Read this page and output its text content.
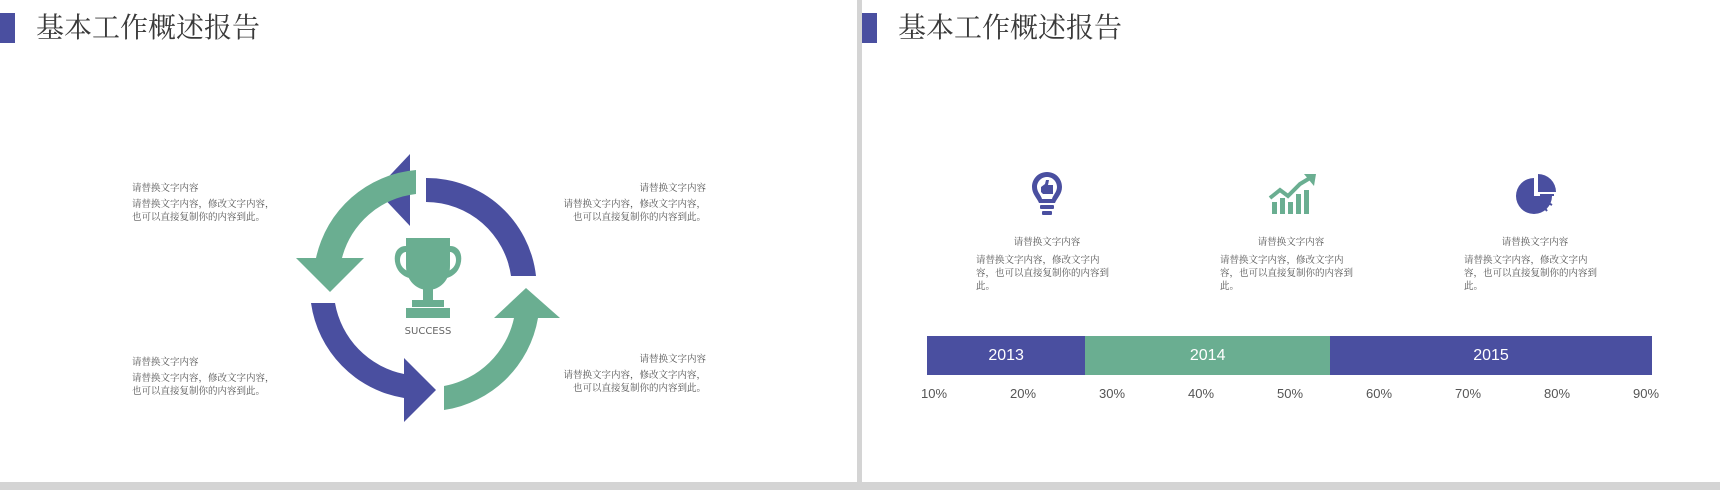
基本工作概述报告
请替换文字内容
请替换文字内容，修改文字内容，也可以直接复制你的内容到此。
请替换文字内容
请替换文字内容，修改文字内容，也可以直接复制你的内容到此。
请替换文字内容
请替换文字内容，修改文字内容，也可以直接复制你的内容到此。
请替换文字内容
请替换文字内容，修改文字内容，也可以直接复制你的内容到此。
SUCCESS
基本工作概述报告
请替换文字内容
请替换文字内容，修改文字内容，也可以直接复制你的内容到此。
请替换文字内容
请替换文字内容，修改文字内容，也可以直接复制你的内容到此。
请替换文字内容
请替换文字内容，修改文字内容，也可以直接复制你的内容到此。
2013	2014	2015
10%	20%	30%	40%	50%	60%	70%	80%	90%
